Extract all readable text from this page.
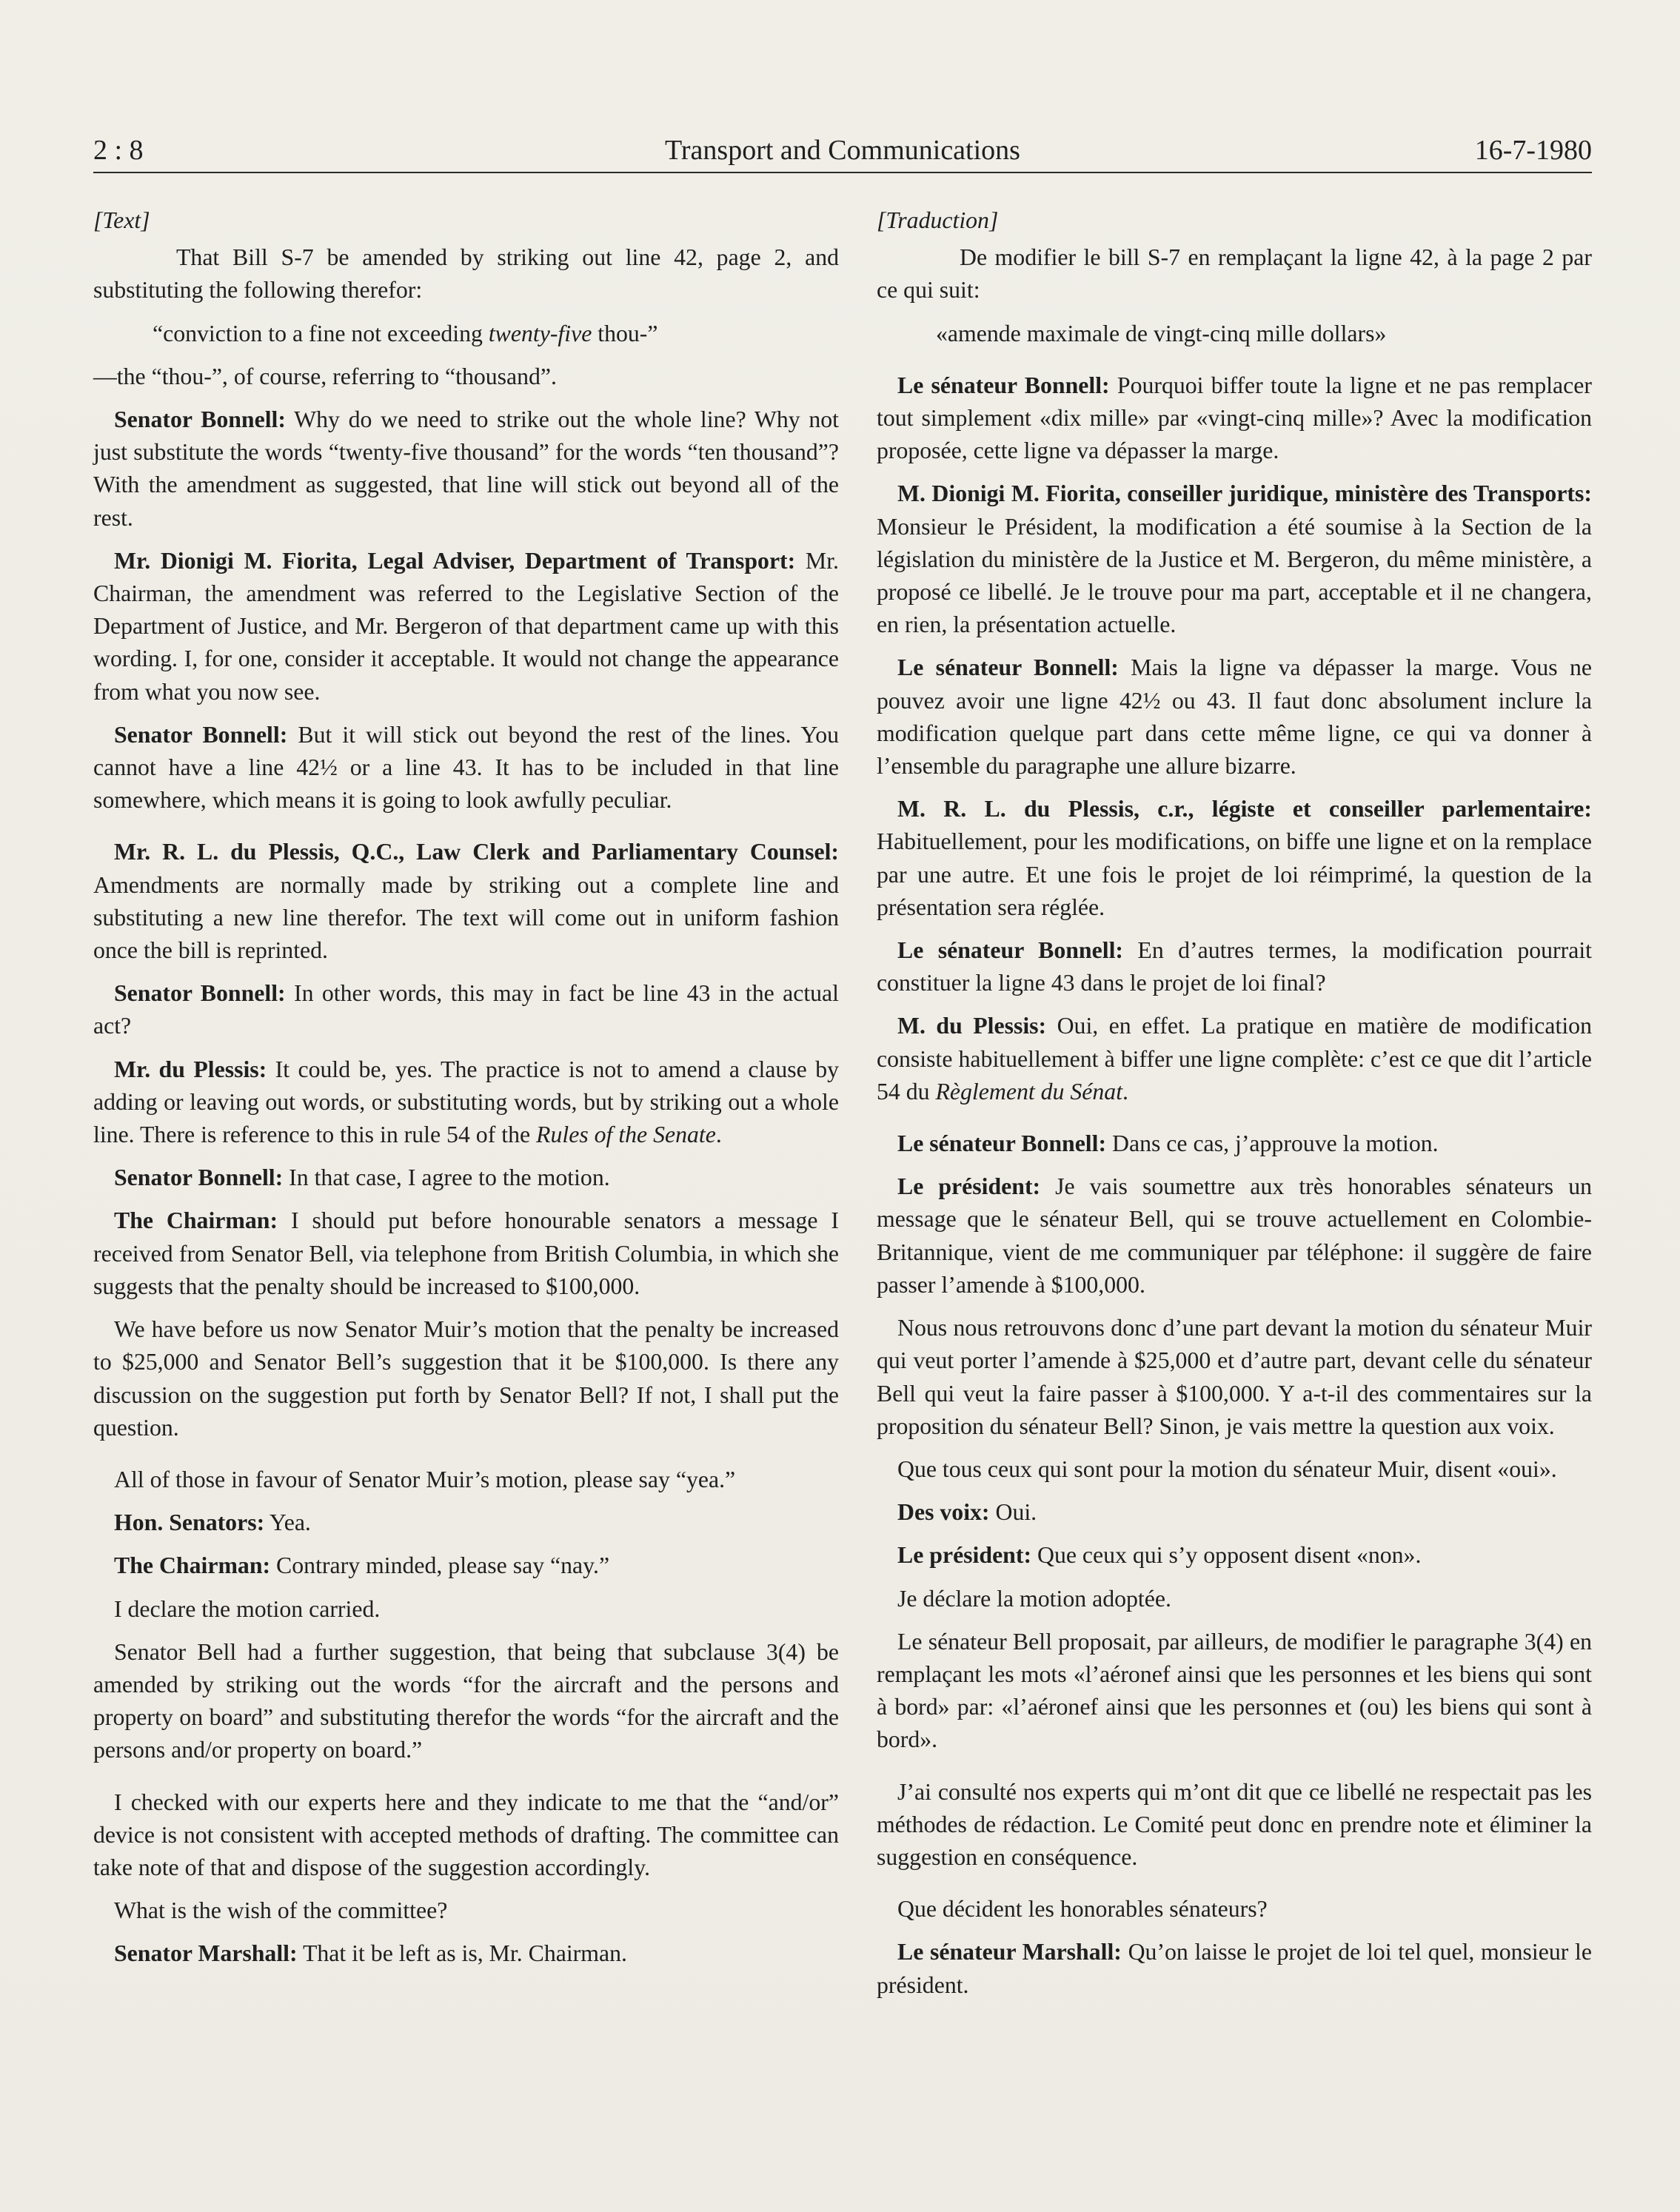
2 : 8	Transport and Communications	16-7-1980

[Text]

That Bill S-7 be amended by striking out line 42, page 2, and substituting the following therefor:

“conviction to a fine not exceeding twenty-five thou-”

—the “thou-”, of course, referring to “thousand”.

Senator Bonnell: Why do we need to strike out the whole line? Why not just substitute the words “twenty-five thousand” for the words “ten thousand”? With the amendment as suggested, that line will stick out beyond all of the rest.

Mr. Dionigi M. Fiorita, Legal Adviser, Department of Transport: Mr. Chairman, the amendment was referred to the Legislative Section of the Department of Justice, and Mr. Bergeron of that department came up with this wording. I, for one, consider it acceptable. It would not change the appearance from what you now see.

Senator Bonnell: But it will stick out beyond the rest of the lines. You cannot have a line 42½ or a line 43. It has to be included in that line somewhere, which means it is going to look awfully peculiar.

Mr. R. L. du Plessis, Q.C., Law Clerk and Parliamentary Counsel: Amendments are normally made by striking out a complete line and substituting a new line therefor. The text will come out in uniform fashion once the bill is reprinted.

Senator Bonnell: In other words, this may in fact be line 43 in the actual act?

Mr. du Plessis: It could be, yes. The practice is not to amend a clause by adding or leaving out words, or substituting words, but by striking out a whole line. There is reference to this in rule 54 of the Rules of the Senate.

Senator Bonnell: In that case, I agree to the motion.

The Chairman: I should put before honourable senators a message I received from Senator Bell, via telephone from British Columbia, in which she suggests that the penalty should be increased to $100,000.

We have before us now Senator Muir’s motion that the penalty be increased to $25,000 and Senator Bell’s suggestion that it be $100,000. Is there any discussion on the suggestion put forth by Senator Bell? If not, I shall put the question.

All of those in favour of Senator Muir’s motion, please say “yea.”

Hon. Senators: Yea.

The Chairman: Contrary minded, please say “nay.”

I declare the motion carried.

Senator Bell had a further suggestion, that being that subclause 3(4) be amended by striking out the words “for the aircraft and the persons and property on board” and substituting therefor the words “for the aircraft and the persons and/or property on board.”

I checked with our experts here and they indicate to me that the “and/or” device is not consistent with accepted methods of drafting. The committee can take note of that and dispose of the suggestion accordingly.

What is the wish of the committee?

Senator Marshall: That it be left as is, Mr. Chairman.

[Traduction]

De modifier le bill S-7 en remplaçant la ligne 42, à la page 2 par ce qui suit:

«amende maximale de vingt-cinq mille dollars»

Le sénateur Bonnell: Pourquoi biffer toute la ligne et ne pas remplacer tout simplement «dix mille» par «vingt-cinq mille»? Avec la modification proposée, cette ligne va dépasser la marge.

M. Dionigi M. Fiorita, conseiller juridique, ministère des Transports: Monsieur le Président, la modification a été soumise à la Section de la législation du ministère de la Justice et M. Bergeron, du même ministère, a proposé ce libellé. Je le trouve pour ma part, acceptable et il ne changera, en rien, la présentation actuelle.

Le sénateur Bonnell: Mais la ligne va dépasser la marge. Vous ne pouvez avoir une ligne 42½ ou 43. Il faut donc absolument inclure la modification quelque part dans cette même ligne, ce qui va donner à l’ensemble du paragraphe une allure bizarre.

M. R. L. du Plessis, c.r., légiste et conseiller parlementaire: Habituellement, pour les modifications, on biffe une ligne et on la remplace par une autre. Et une fois le projet de loi réimprimé, la question de la présentation sera réglée.

Le sénateur Bonnell: En d’autres termes, la modification pourrait constituer la ligne 43 dans le projet de loi final?

M. du Plessis: Oui, en effet. La pratique en matière de modification consiste habituellement à biffer une ligne complète: c’est ce que dit l’article 54 du Règlement du Sénat.

Le sénateur Bonnell: Dans ce cas, j’approuve la motion.

Le président: Je vais soumettre aux très honorables sénateurs un message que le sénateur Bell, qui se trouve actuellement en Colombie-Britannique, vient de me communiquer par téléphone: il suggère de faire passer l’amende à $100,000.

Nous nous retrouvons donc d’une part devant la motion du sénateur Muir qui veut porter l’amende à $25,000 et d’autre part, devant celle du sénateur Bell qui veut la faire passer à $100,000. Y a-t-il des commentaires sur la proposition du sénateur Bell? Sinon, je vais mettre la question aux voix.

Que tous ceux qui sont pour la motion du sénateur Muir, disent «oui».

Des voix: Oui.

Le président: Que ceux qui s’y opposent disent «non».

Je déclare la motion adoptée.

Le sénateur Bell proposait, par ailleurs, de modifier le paragraphe 3(4) en remplaçant les mots «l’aéronef ainsi que les personnes et les biens qui sont à bord» par: «l’aéronef ainsi que les personnes et (ou) les biens qui sont à bord».

J’ai consulté nos experts qui m’ont dit que ce libellé ne respectait pas les méthodes de rédaction. Le Comité peut donc en prendre note et éliminer la suggestion en conséquence.

Que décident les honorables sénateurs?

Le sénateur Marshall: Qu’on laisse le projet de loi tel quel, monsieur le président.
